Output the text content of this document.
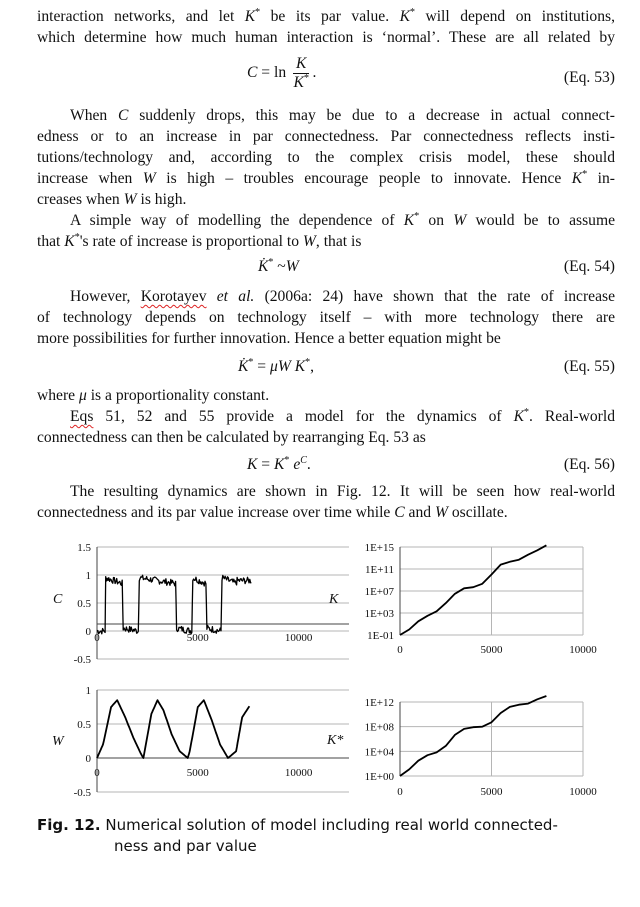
interaction networks, and let K* be its par value. K* will depend on institutions,
which determine how much human interaction is ‘normal’. These are all related by
$C = \ln \frac{K}{K^*}$ .	(Eq. 53)
When C suddenly drops, this may be due to a decrease in actual connect-
edness or to an increase in par connectedness. Par connectedness reflects insti-
tutions/technology and, according to the complex crisis model, these should
increase when W is high – troubles encourage people to innovate. Hence K* in-
creases when W is high.
A simple way of modelling the dependence of K* on W would be to assume
that K*'s rate of increase is proportional to W, that is
K̇* ~W	(Eq. 54)
However, Korotayev et al. (2006a: 24) have shown that the rate of increase
of technology depends on technology itself – with more technology there are
more possibilities for further innovation. Hence a better equation might be
K̇* = μW K*,	(Eq. 55)
where μ is a proportionality constant.
Eqs 51, 52 and 55 provide a model for the dynamics of K*. Real-world
connectedness can then be calculated by rearranging Eq. 53 as
K = K* $e^C$.	(Eq. 56)
The resulting dynamics are shown in Fig. 12. It will be seen how real-world
connectedness and its par value increase over time while C and W oscillate.
1.5
1
0.5
0
-0.5
0	5000	10000
C
1E+15
1E+11
1E+07
1E+03
1E-01
0	5000	10000
K
1
0.5
0
-0.5
0	5000	10000
W
1E+12
1E+08
1E+04
1E+00
0	5000	10000
K*
Fig. 12. Numerical solution of model including real world connected-
ness and par value
